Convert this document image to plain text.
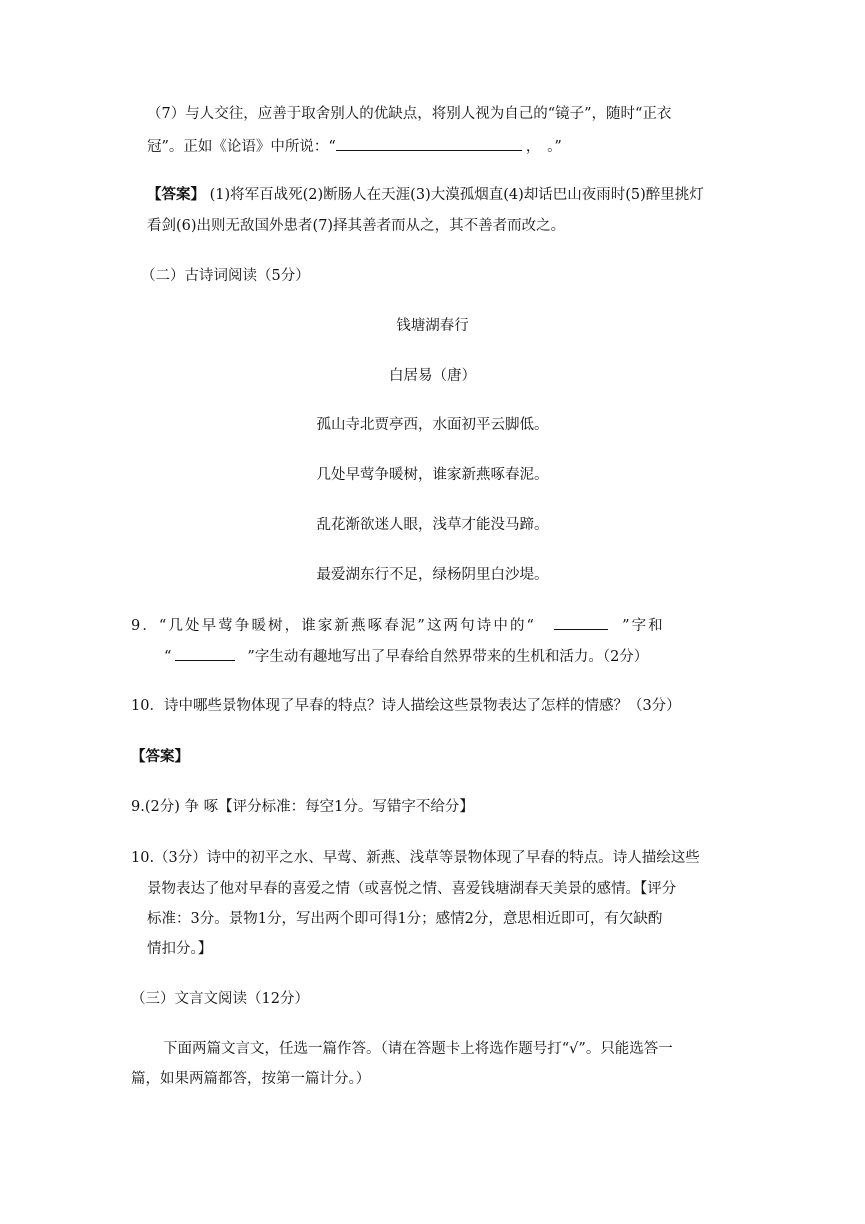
（7）与人交往，应善于取舍别人的优缺点，将别人视为自己的“镜子”，随时“正衣
冠”。正如《论语》中所说：“	， 。”
【答案】 (1)将军百战死(2)断肠人在天涯(3)大漠孤烟直(4)却话巴山夜雨时(5)醉里挑灯
看剑(6)出则无敌国外患者(7)择其善者而从之，其不善者而改之。
（二）古诗词阅读（5分）
钱塘湖春行
白居易（唐）
孤山寺北贾亭西，水面初平云脚低。
几处早莺争暖树，谁家新燕啄春泥。
乱花渐欲迷人眼，浅草才能没马蹄。
最爱湖东行不足，绿杨阴里白沙堤。
9．“几处早莺争暖树，谁家新燕啄春泥”这两句诗中的“	”字和
“	”字生动有趣地写出了早春给自然界带来的生机和活力。（2分）
10．诗中哪些景物体现了早春的特点？诗人描绘这些景物表达了怎样的情感？（3分）
【答案】
9.(2分) 争 啄【评分标准：每空1分。写错字不给分】
10.（3分）诗中的初平之水、早莺、新燕、浅草等景物体现了早春的特点。诗人描绘这些
景物表达了他对早春的喜爱之情（或喜悦之情、喜爱钱塘湖春天美景的感情。【评分
标准：3分。景物1分，写出两个即可得1分；感情2分，意思相近即可，有欠缺酌
情扣分。】
（三）文言文阅读（12分）
下面两篇文言文，任选一篇作答。（请在答题卡上将选作题号打“√”。只能选答一
篇，如果两篇都答，按第一篇计分。）
